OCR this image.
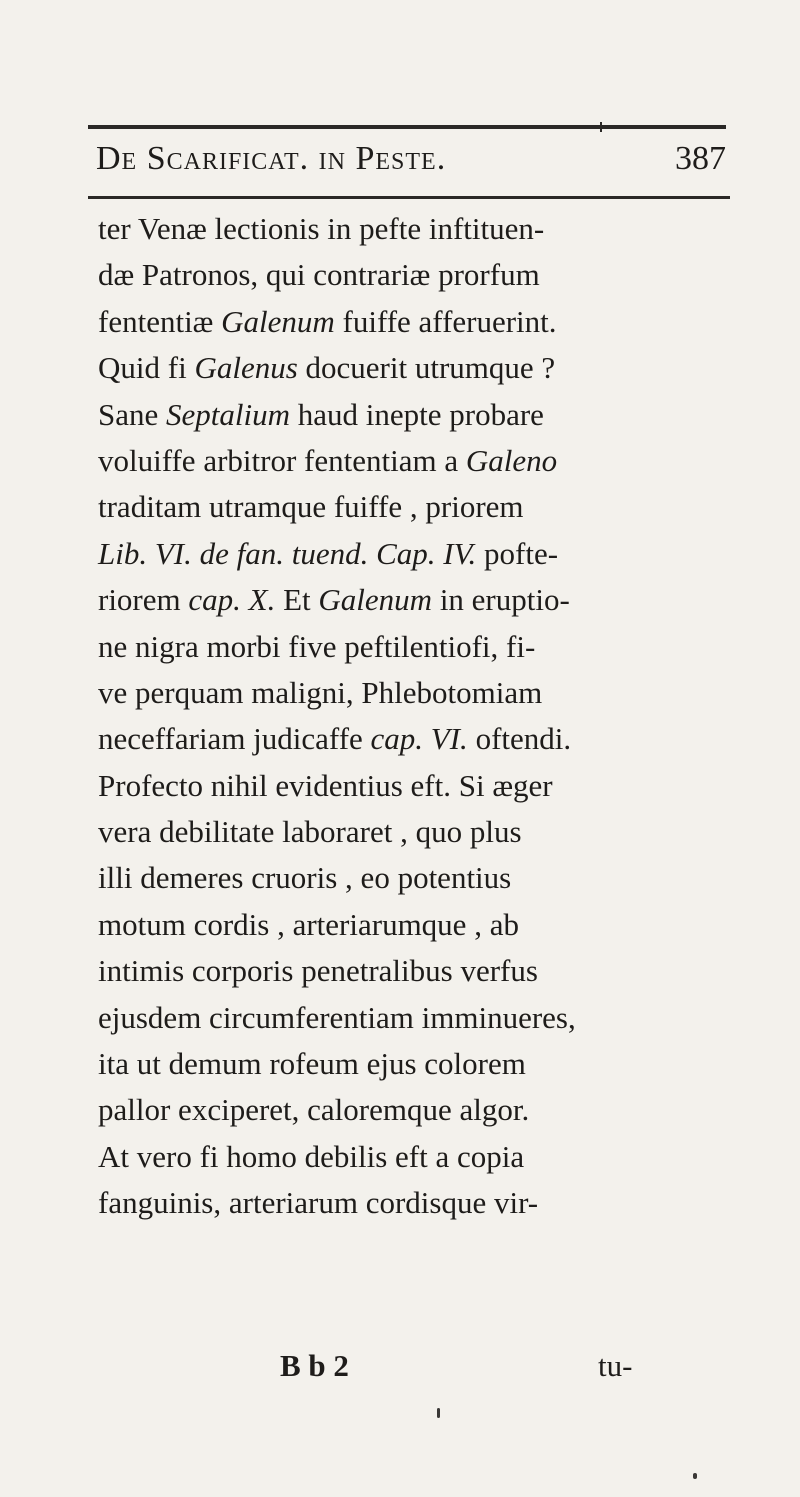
De Scarificat. in Peste.	387
ter Venæ lectionis in pefte inftituen-
dæ Patronos, qui contrariæ prorfum
fententiæ Galenum fuiffe afferuerint.
Quid fi Galenus docuerit utrumque ?
Sane Septalium haud inepte probare
voluiffe arbitror fententiam a Galeno
traditam utramque fuiffe , priorem
Lib. VI. de fan. tuend. Cap. IV. pofte-
riorem cap. X. Et Galenum in eruptio-
ne nigra morbi five peftilentiofi, fi-
ve perquam maligni, Phlebotomiam
neceffariam judicaffe cap. VI. oftendi.
Profecto nihil evidentius eft. Si æger
vera debilitate laboraret , quo plus
illi demeres cruoris , eo potentius
motum cordis , arteriarumque , ab
intimis corporis penetralibus verfus
ejusdem circumferentiam imminueres,
ita ut demum rofeum ejus colorem
pallor exciperet, caloremque algor.
At vero fi homo debilis eft a copia
fanguinis, arteriarum cordisque vir-
B b 2	tu-
